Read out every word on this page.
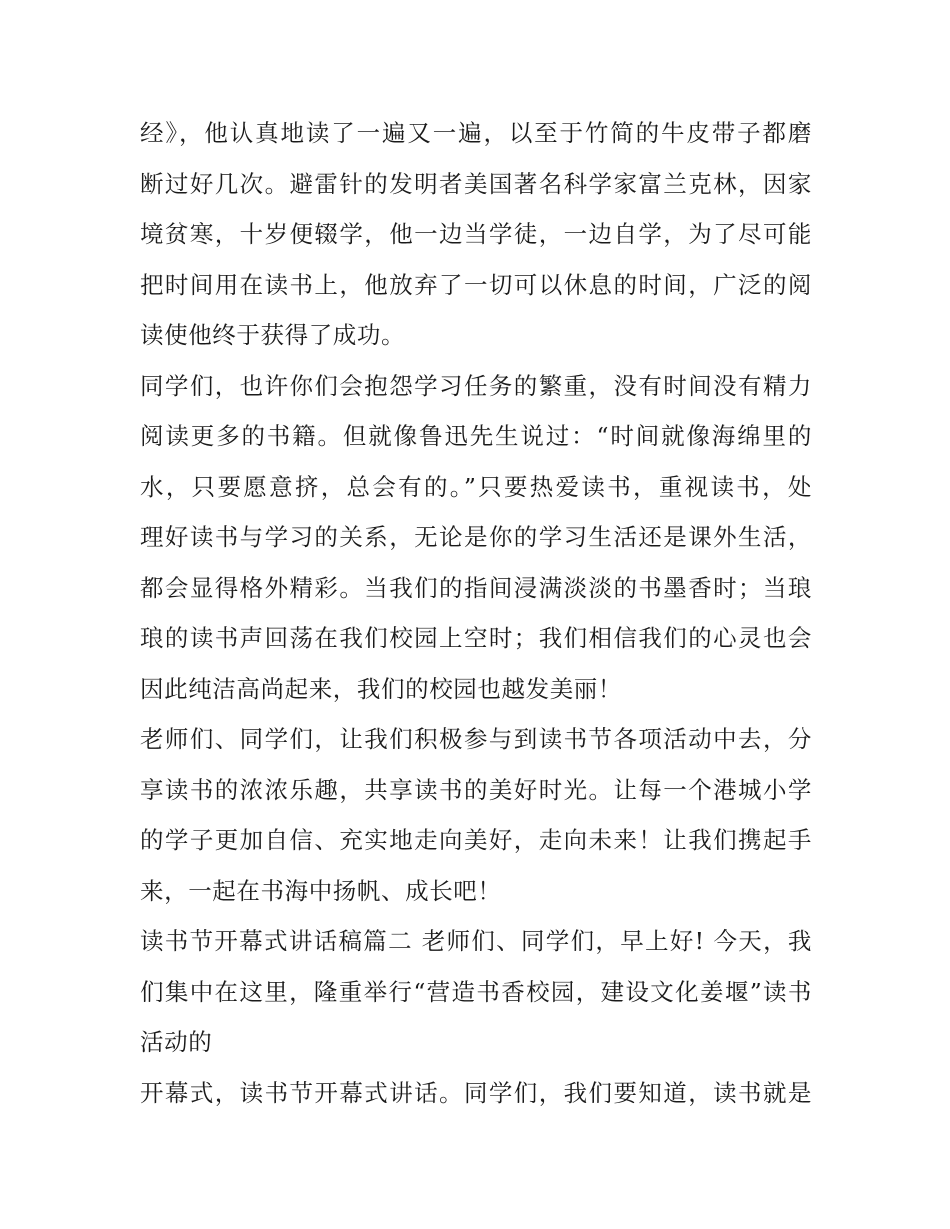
经》，他认真地读了一遍又一遍，以至于竹简的牛皮带子都磨
断过好几次。避雷针的发明者美国著名科学家富兰克林，因家
境贫寒，十岁便辍学，他一边当学徒，一边自学，为了尽可能
把时间用在读书上，他放弃了一切可以休息的时间，广泛的阅
读使他终于获得了成功。
同学们，也许你们会抱怨学习任务的繁重，没有时间没有精力
阅读更多的书籍。但就像鲁迅先生说过：“时间就像海绵里的
水，只要愿意挤，总会有的。”只要热爱读书，重视读书，处
理好读书与学习的关系，无论是你的学习生活还是课外生活，
都会显得格外精彩。当我们的指间浸满淡淡的书墨香时；当琅
琅的读书声回荡在我们校园上空时；我们相信我们的心灵也会
因此纯洁高尚起来，我们的校园也越发美丽！
老师们、同学们，让我们积极参与到读书节各项活动中去，分
享读书的浓浓乐趣，共享读书的美好时光。让每一个港城小学
的学子更加自信、充实地走向美好，走向未来！让我们携起手
来，一起在书海中扬帆、成长吧！
读书节开幕式讲话稿篇二 老师们、同学们，早上好! 今天，我
们集中在这里，隆重举行“营造书香校园，建设文化姜堰”读书
活动的
开幕式，读书节开幕式讲话。同学们，我们要知道，读书就是
